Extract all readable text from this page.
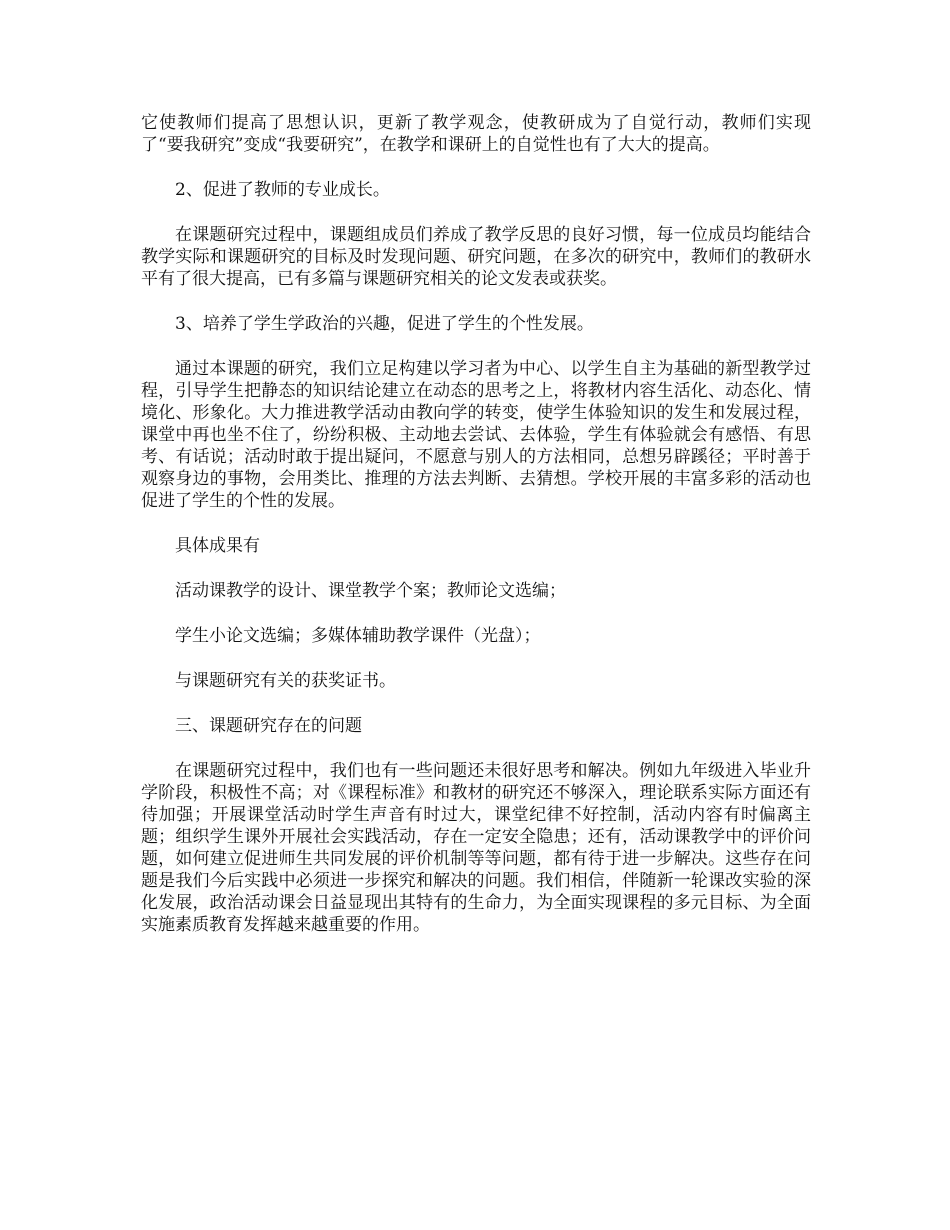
它使教师们提高了思想认识，更新了教学观念，使教研成为了自觉行动，教师们实现了“要我研究”变成“我要研究”，在教学和课研上的自觉性也有了大大的提高。

2、促进了教师的专业成长。

在课题研究过程中，课题组成员们养成了教学反思的良好习惯，每一位成员均能结合教学实际和课题研究的目标及时发现问题、研究问题，在多次的研究中，教师们的教研水平有了很大提高，已有多篇与课题研究相关的论文发表或获奖。

3、培养了学生学政治的兴趣，促进了学生的个性发展。

通过本课题的研究，我们立足构建以学习者为中心、以学生自主为基础的新型教学过程，引导学生把静态的知识结论建立在动态的思考之上，将教材内容生活化、动态化、情境化、形象化。大力推进教学活动由教向学的转变，使学生体验知识的发生和发展过程，课堂中再也坐不住了，纷纷积极、主动地去尝试、去体验，学生有体验就会有感悟、有思考、有话说；活动时敢于提出疑问，不愿意与别人的方法相同，总想另辟蹊径；平时善于观察身边的事物，会用类比、推理的方法去判断、去猜想。学校开展的丰富多彩的活动也促进了学生的个性的发展。

具体成果有

活动课教学的设计、课堂教学个案；教师论文选编；

学生小论文选编；多媒体辅助教学课件（光盘）；

与课题研究有关的获奖证书。

三、课题研究存在的问题

在课题研究过程中，我们也有一些问题还未很好思考和解决。例如九年级进入毕业升学阶段，积极性不高；对《课程标准》和教材的研究还不够深入，理论联系实际方面还有待加强；开展课堂活动时学生声音有时过大，课堂纪律不好控制，活动内容有时偏离主题；组织学生课外开展社会实践活动，存在一定安全隐患；还有，活动课教学中的评价问题，如何建立促进师生共同发展的评价机制等等问题，都有待于进一步解决。这些存在问题是我们今后实践中必须进一步探究和解决的问题。我们相信，伴随新一轮课改实验的深化发展，政治活动课会日益显现出其特有的生命力，为全面实现课程的多元目标、为全面实施素质教育发挥越来越重要的作用。
